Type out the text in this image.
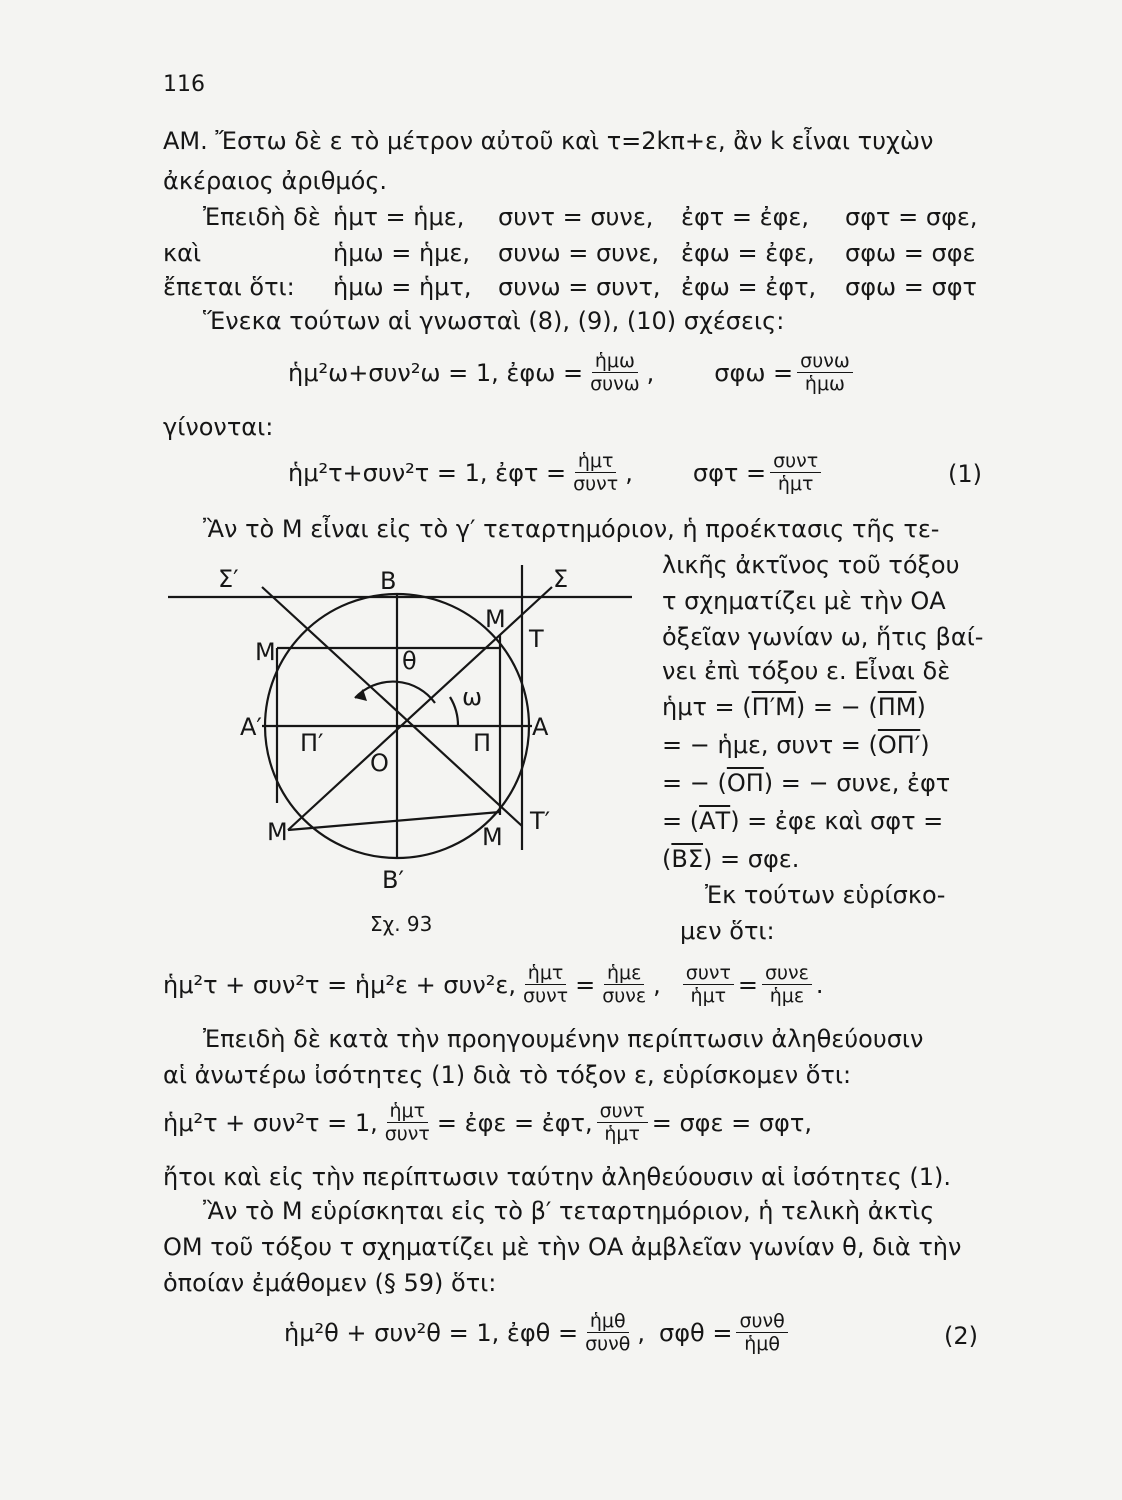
116
ΑΜ. Ἔστω δὲ ε τὸ μέτρον αὐτοῦ καὶ τ=2kπ+ε, ἂν k εἶναι τυχὼν
ἀκέραιος ἀριθμός.
Ἐπειδὴ δὲ ἡμτ = ἡμε, συντ = συνε, ἐφτ = ἐφε, σφτ = σφε,
καὶ	ἡμω = ἡμε, συνω = συνε, ἐφω = ἐφε, σφω = σφε
ἔπεται ὅτι: ἡμω = ἡμτ, συνω = συντ, ἐφω = ἐφτ, σφω = σφτ
Ἕνεκα τούτων αἱ γνωσταὶ (8), (9), (10) σχέσεις:
ἡμ²ω+συν²ω = 1, ἐφω = $\frac{\text{ἡμω}}{\text{συνω}}$ ,	$\sigma\varphi\omega = \frac{\text{συνω}}{\text{ἡμω}}$
γίνονται:
ἡμ²τ+συν²τ = 1, ἐφτ = $\frac{\text{ἡμτ}}{\text{συντ}}$ ,	$\sigma\varphi\tau = \frac{\text{συντ}}{\text{ἡμτ}}$	(1)
Ἂν τὸ Μ εἶναι εἰς τὸ γ′ τεταρτημόριον, ἡ προέκτασις τῆς τε-
λικῆς ἀκτῖνος τοῦ τόξου
τ σχηματίζει μὲ τὴν ΟΑ
ὀξεῖαν γωνίαν ω, ἥτις βαί-
νει ἐπὶ τόξου ε. Εἶναι δὲ
ἡμτ = (Π′Μ) = − $(\overline{\Pi M})$
= − ἡμε, συντ = (ΟΠ′)
= − $(\overline{O\Pi})$ = − συνε, ἐφτ
= $(\overline{AT})$ = ἐφε καὶ σφτ =
$(\overline{B\Sigma}) = \sigma\varphi\varepsilon$.
Ἐκ τούτων εὑρίσκο-
μεν ὅτι:
Σ′	Β	Σ
Μ
Τ
Μ	θ
ω
Α′
Π′	Π
Α
Ο
Μ	Μ
Τ′
Β′
Σχ. 93
ἡμ²τ + συν²τ = ἡμ²ε + συν²ε, $\frac{\text{ἡμτ}}{\text{συντ}} = \frac{\text{ἡμε}}{\text{συνε}}$ , $\frac{\text{συντ}}{\text{ἡμτ}} = \frac{\text{συνε}}{\text{ἡμε}}$ .
Ἐπειδὴ δὲ κατὰ τὴν προηγουμένην περίπτωσιν ἀληθεύουσιν
αἱ ἀνωτέρω ἰσότητες (1) διὰ τὸ τόξον ε, εὑρίσκομεν ὅτι:
ἡμ²τ + συν²τ = 1, $\frac{\text{ἡμτ}}{\text{συντ}}$ = ἐφε = ἐφτ, $\frac{\text{συντ}}{\text{ἡμτ}} = \sigma\varphi\varepsilon = \sigma\varphi\tau$,
ἤτοι καὶ εἰς τὴν περίπτωσιν ταύτην ἀληθεύουσιν αἱ ἰσότητες (1).
Ἂν τὸ Μ εὑρίσκηται εἰς τὸ β′ τεταρτημόριον, ἡ τελικὴ ἀκτὶς
ΟΜ τοῦ τόξου τ σχηματίζει μὲ τὴν ΟΑ ἀμβλεῖαν γωνίαν θ, διὰ τὴν
ὁποίαν ἐμάθομεν (§ 59) ὅτι:
ἡμ²θ + συν²θ = 1, ἐφθ = $\frac{\text{ἡμθ}}{\text{συνθ}}$ , $\sigma\varphi\theta = \frac{\text{συνθ}}{\text{ἡμθ}}$	(2)
